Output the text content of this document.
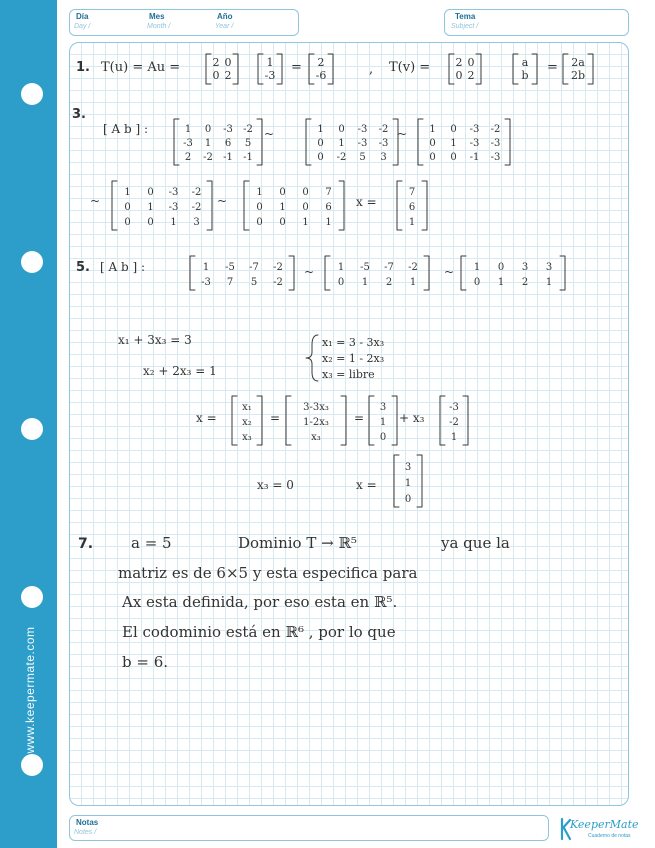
www.keepermate.com
Día
Day /
Mes
Month /
Año
Year /
Tema
Subject /
Notas
Notes /
KeeperMate
Cuaderno de notas
1. T(u) = Au =	2 0
0 2
1
-3
= 2
-6	, T(v) = 2 0
0 2
a
b
= 2a
2b
3.
[ A b ] :	1 0 -3 -2
-3 1 6 5
2 -2 -1 -1
~	1 0 -3 -2
0 1 -3 -3
0 -2 5 3
~ 1 0 -3 -2
0 1 -3 -3
0 0 -1 -3
~
1 0 -3 -2
0 1 -3 -2
0 0 1 3
~
1 0 0 7
0 1 0 6
0 0 1 1
x =
7
6
1
5. [ A b ] :	1 -5 -7 -2
-3 7 5 -2
~ 1 -5 -7 -2
0 1 2 1
~ 1 0 3 3
0 1 2 1
x₁ + 3x₃ = 3
x₂ + 2x₃ = 1
x₁ = 3 - 3x₃
x₂ = 1 - 2x₃
x₃ = libre
x =
x₁
x₂
x₃
=
3-3x₃
1-2x₃
x₃
=
3
1
0
+ x₃
-3
-2
1
x₃ = 0	x =
3
1
0
7.	a = 5	Dominio T → ℝ⁵	ya que la
matriz es de 6×5 y esta especifica para
Ax esta definida, por eso esta en ℝ⁵.
El codominio está en ℝ⁶ , por lo que
b = 6.
